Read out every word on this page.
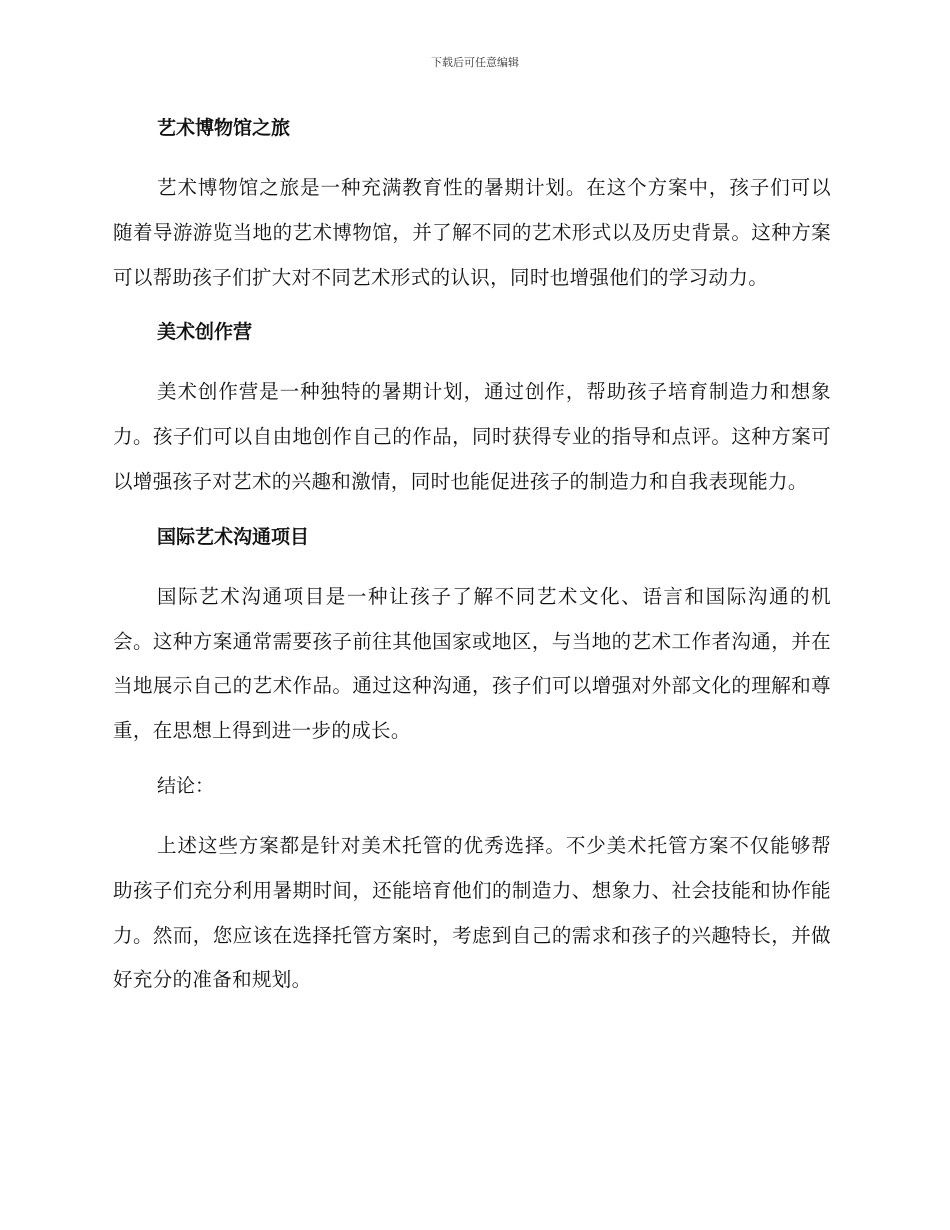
下载后可任意编辑
艺术博物馆之旅

艺术博物馆之旅是一种充满教育性的暑期计划。在这个方案中，孩子们可以随着导游游览当地的艺术博物馆，并了解不同的艺术形式以及历史背景。这种方案可以帮助孩子们扩大对不同艺术形式的认识，同时也增强他们的学习动力。

美术创作营

美术创作营是一种独特的暑期计划，通过创作，帮助孩子培育制造力和想象力。孩子们可以自由地创作自己的作品，同时获得专业的指导和点评。这种方案可以增强孩子对艺术的兴趣和激情，同时也能促进孩子的制造力和自我表现能力。

国际艺术沟通项目

国际艺术沟通项目是一种让孩子了解不同艺术文化、语言和国际沟通的机会。这种方案通常需要孩子前往其他国家或地区，与当地的艺术工作者沟通，并在当地展示自己的艺术作品。通过这种沟通，孩子们可以增强对外部文化的理解和尊重，在思想上得到进一步的成长。

结论：

上述这些方案都是针对美术托管的优秀选择。不少美术托管方案不仅能够帮助孩子们充分利用暑期时间，还能培育他们的制造力、想象力、社会技能和协作能力。然而，您应该在选择托管方案时，考虑到自己的需求和孩子的兴趣特长，并做好充分的准备和规划。
